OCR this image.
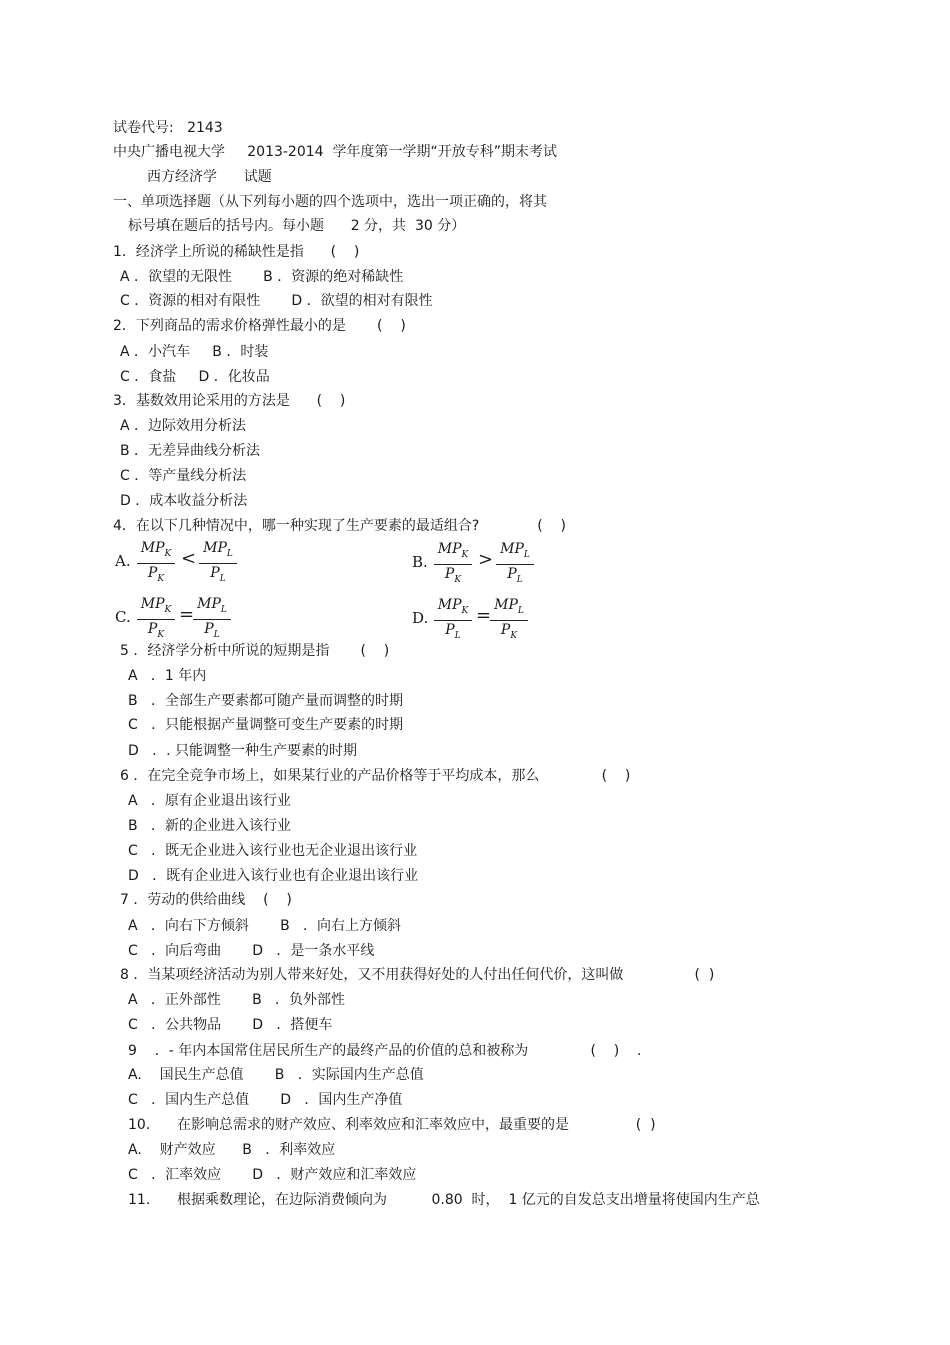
试卷代号:   2143
中央广播电视大学     2013-2014  学年度第一学期“开放专科”期末考试
西方经济学      试题
一、单项选择题（从下列每小题的四个选项中，选出一项正确的，将其
标号填在题后的括号内。每小题      2 分，共  30 分）
1．经济学上所说的稀缺性是指      (    )
A ．欲望的无限性       B ．资源的绝对稀缺性
C ．资源的相对有限性       D ．欲望的相对有限性
2．下列商品的需求价格弹性最小的是       (    )
A ．小汽车     B ．时装
C ．食盐     D ．化妆品
3．基数效用论采用的方法是      (    )
A ．边际效用分析法
B ．无差异曲线分析法
C ．等产量线分析法
D ．成本收益分析法
4．在以下几种情况中，哪一种实现了生产要素的最适组合?             (    )
A.
$MP_K$
$P_K$
< $MP_L$
$P_L$
B.
$MP_K$
$P_K$
> $MP_L$
$P_L$
C.
$MP_K$
$P_K$
= $MP_L$
$P_L$
D.
$MP_K$
$P_L$
= $MP_L$
$P_K$
5 ．经济学分析中所说的短期是指       (    )
A   ．1 年内
B   ．全部生产要素都可随产量而调整的时期
C   ．只能根据产量调整可变生产要素的时期
D   ．. 只能调整一种生产要素的时期
6 ．在完全竞争市场上，如果某行业的产品价格等于平均成本，那么              (    )
A   ．原有企业退出该行业
B   ．新的企业进入该行业
C   ．既无企业进入该行业也无企业退出该行业
D   ．既有企业进入该行业也有企业退出该行业
7 ．劳动的供给曲线    (    )
A   ．向右下方倾斜       B   ．向右上方倾斜
C   ．向后弯曲       D   ．是一条水平线
8 ．当某项经济活动为别人带来好处，又不用获得好处的人付出任何代价，这叫做                (  )
A   ．正外部性       B   ．负外部性
C   ．公共物品       D   ．搭便车
9    ．- 年内本国常住居民所生产的最终产品的价值的总和被称为              (    )    .
A.    国民生产总值       B   ．实际国内生产总值
C   ．国内生产总值       D   ．国内生产净值
10.      在影响总需求的财产效应、利率效应和汇率效应中，最重要的是               (  )
A.    财产效应      B   ．利率效应
C   ．汇率效应       D   ．财产效应和汇率效应
11.      根据乘数理论，在边际消费倾向为          0.80  时，  1 亿元的自发总支出增量将使国内生产总
